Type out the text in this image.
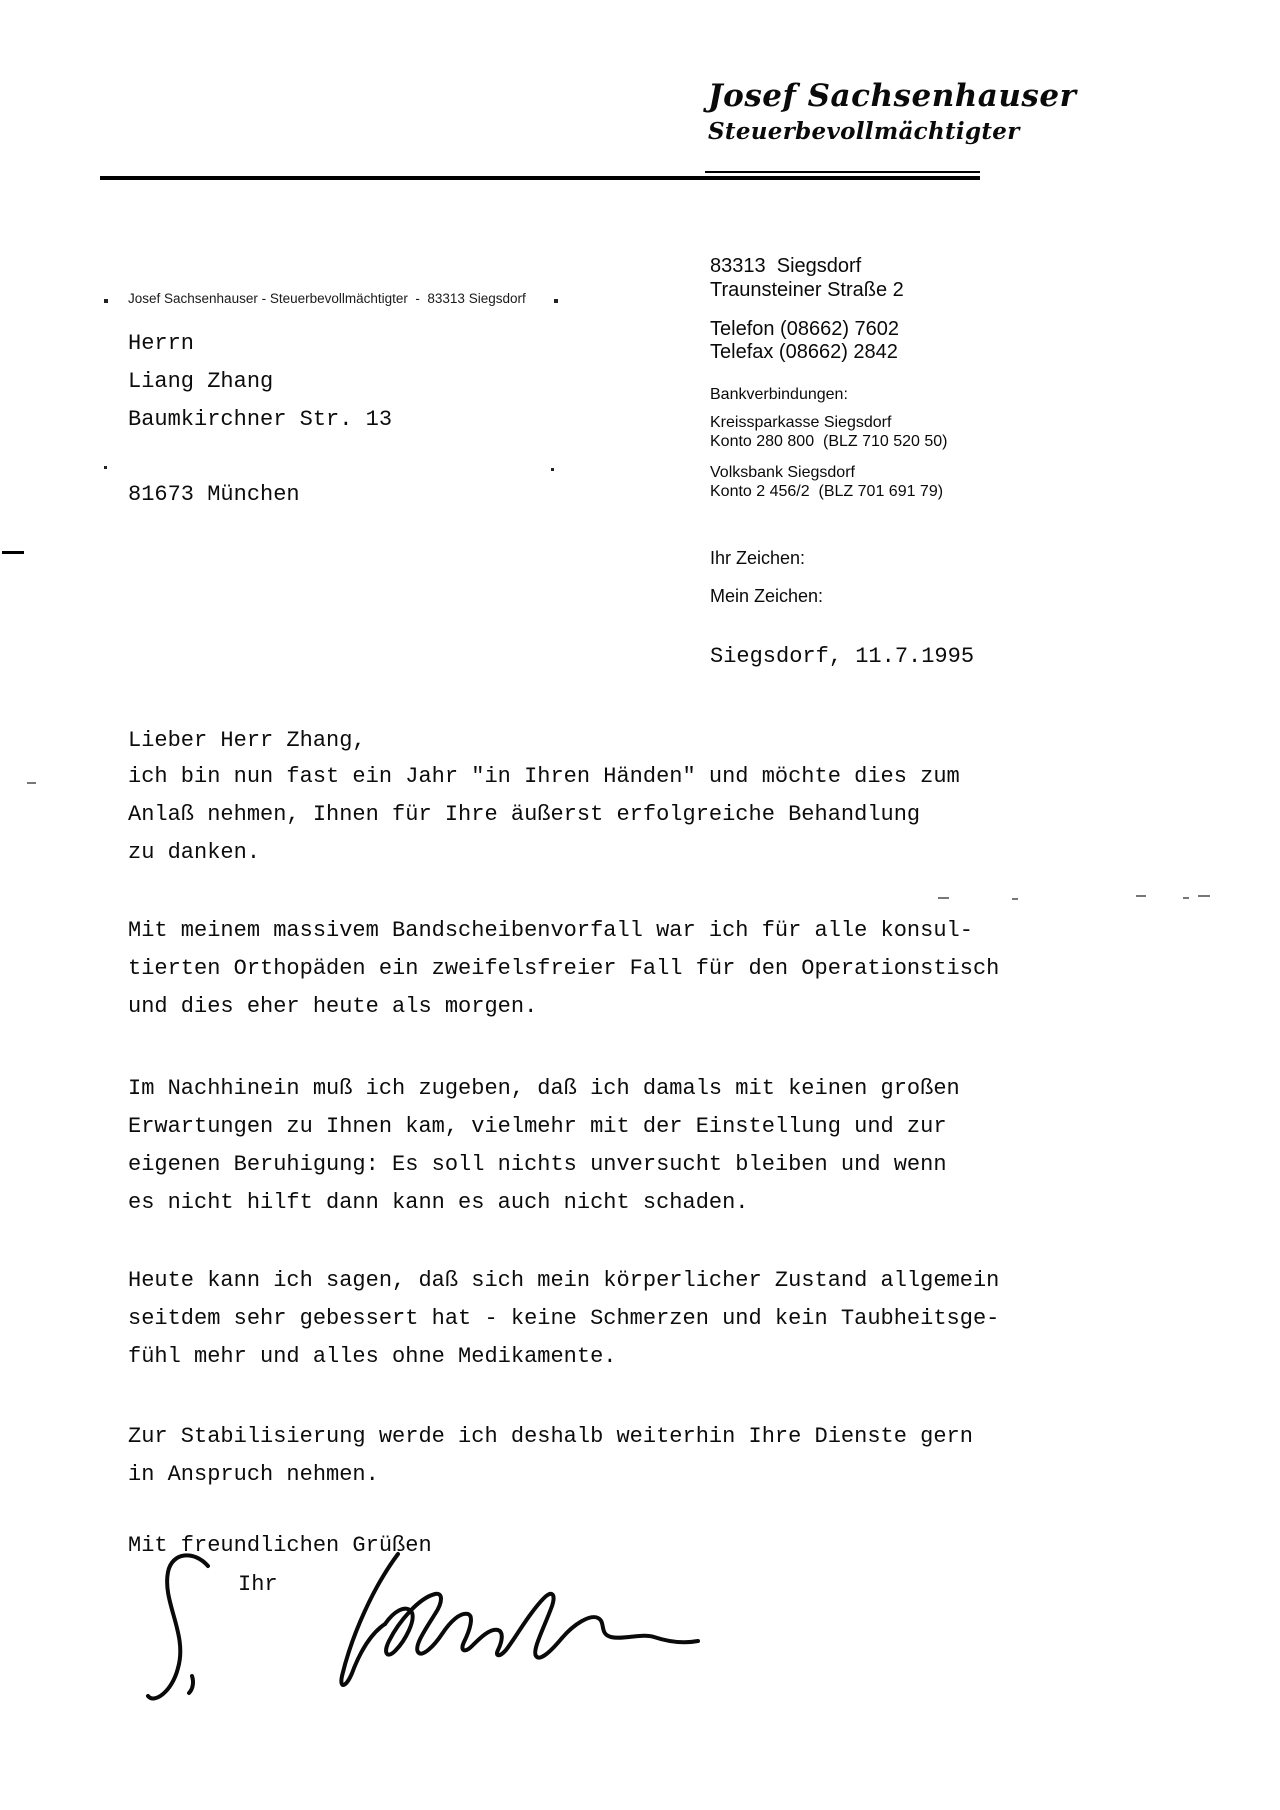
Josef Sachsenhauser
Steuerbevollmächtigter
Josef Sachsenhauser - Steuerbevollmächtigter  -  83313 Siegsdorf
Herrn
Liang Zhang
Baumkirchner Str. 13
81673 München
83313  Siegsdorf
Traunsteiner Straße 2
Telefon (08662) 7602
Telefax (08662) 2842
Bankverbindungen:
Kreissparkasse Siegsdorf
Konto 280 800  (BLZ 710 520 50)
Volksbank Siegsdorf
Konto 2 456/2  (BLZ 701 691 79)
Ihr Zeichen:
Mein Zeichen:
Siegsdorf, 11.7.1995
Lieber Herr Zhang,
ich bin nun fast ein Jahr "in Ihren Händen" und möchte dies zum
Anlaß nehmen, Ihnen für Ihre äußerst erfolgreiche Behandlung
zu danken.
Mit meinem massivem Bandscheibenvorfall war ich für alle konsul-
tierten Orthopäden ein zweifelsfreier Fall für den Operationstisch
und dies eher heute als morgen.
Im Nachhinein muß ich zugeben, daß ich damals mit keinen großen
Erwartungen zu Ihnen kam, vielmehr mit der Einstellung und zur
eigenen Beruhigung: Es soll nichts unversucht bleiben und wenn
es nicht hilft dann kann es auch nicht schaden.
Heute kann ich sagen, daß sich mein körperlicher Zustand allgemein
seitdem sehr gebessert hat - keine Schmerzen und kein Taubheitsge-
fühl mehr und alles ohne Medikamente.
Zur Stabilisierung werde ich deshalb weiterhin Ihre Dienste gern
in Anspruch nehmen.
Mit freundlichen Grüßen
Ihr
